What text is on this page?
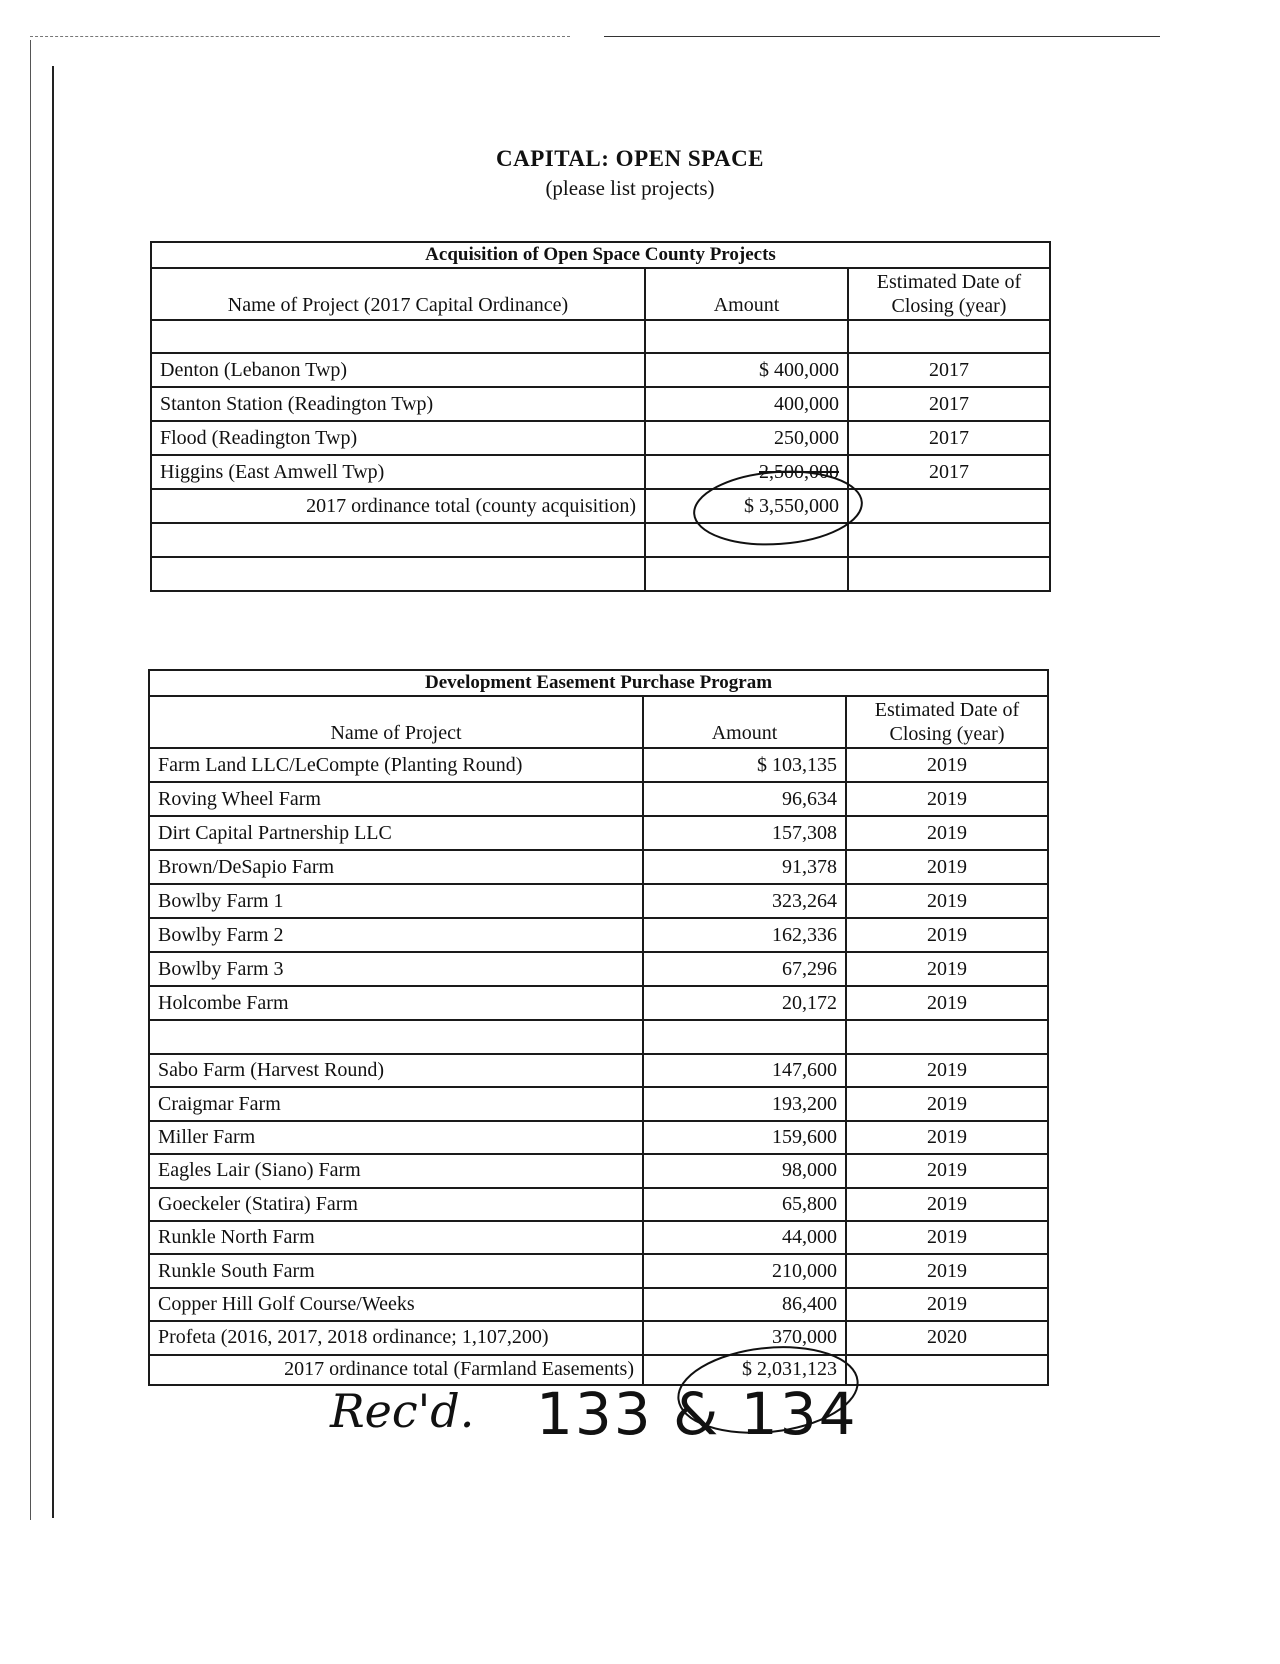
CAPITAL: OPEN SPACE
(please list projects)
Acquisition of Open Space County Projects		
Name of Project (2017 Capital Ordinance)	Amount	Estimated Date of Closing (year)

Denton (Lebanon Twp)	$ 400,000	2017
Stanton Station (Readington Twp)	400,000	2017
Flood (Readington Twp)	250,000	2017
Higgins (East Amwell Twp)	2,500,000	2017
2017 ordinance total (county acquisition)	$ 3,550,000	

Development Easement Purchase Program		
Name of Project	Amount	Estimated Date of Closing (year)
Farm Land LLC/LeCompte (Planting Round)	$ 103,135	2019
Roving Wheel Farm	96,634	2019
Dirt Capital Partnership LLC	157,308	2019
Brown/DeSapio Farm	91,378	2019
Bowlby Farm 1	323,264	2019
Bowlby Farm 2	162,336	2019
Bowlby Farm 3	67,296	2019
Holcombe Farm	20,172	2019

Sabo Farm (Harvest Round)	147,600	2019
Craigmar Farm	193,200	2019
Miller Farm	159,600	2019
Eagles Lair (Siano) Farm	98,000	2019
Goeckeler (Statira) Farm	65,800	2019
Runkle North Farm	44,000	2019
Runkle South Farm	210,000	2019
Copper Hill Golf Course/Weeks	86,400	2019
Profeta (2016, 2017, 2018 ordinance; 1,107,200)	370,000	2020
2017 ordinance total (Farmland Easements)	$ 2,031,123	
Rec'd. 133 & 134
